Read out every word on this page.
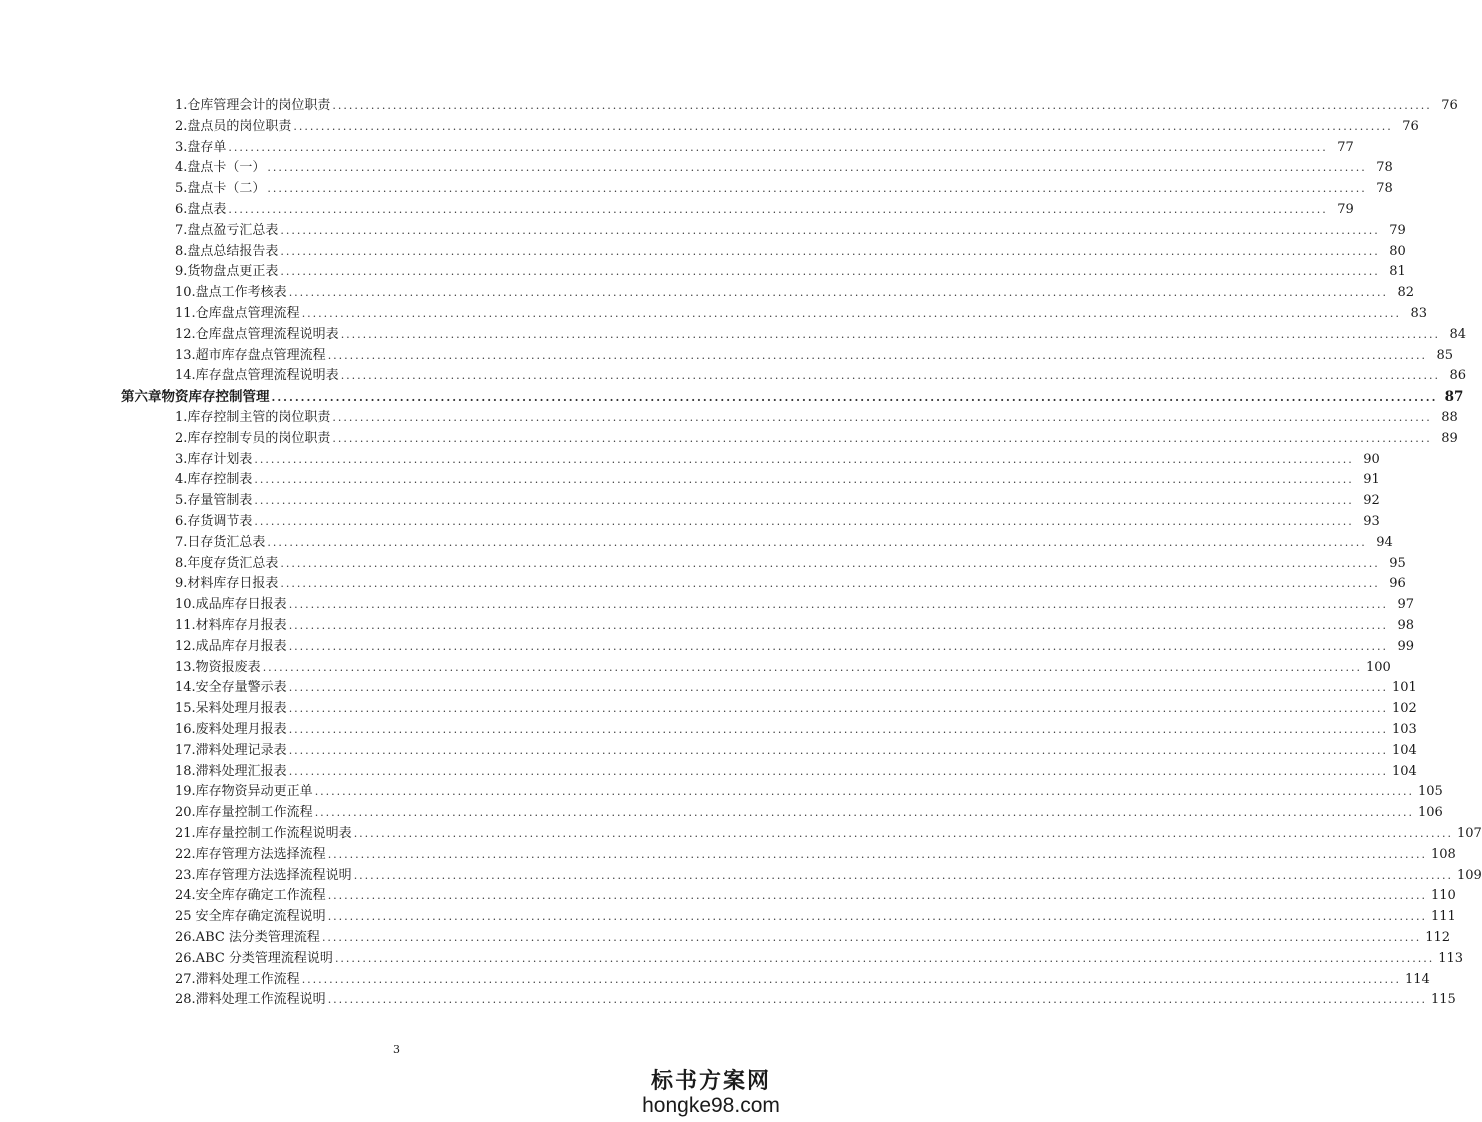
1.仓库管理会计的岗位职责 ........................................................................................................................................................................................................ 76
2.盘点员的岗位职责 ........................................................................................................................................................................................................ 76
3.盘存单 ........................................................................................................................................................................................................ 77
4.盘点卡（一） ........................................................................................................................................................................................................ 78
5.盘点卡（二） ........................................................................................................................................................................................................ 78
6.盘点表 ........................................................................................................................................................................................................ 79
7.盘点盈亏汇总表 ........................................................................................................................................................................................................ 79
8.盘点总结报告表 ........................................................................................................................................................................................................ 80
9.货物盘点更正表 ........................................................................................................................................................................................................ 81
10.盘点工作考核表 ........................................................................................................................................................................................................ 82
11.仓库盘点管理流程 ........................................................................................................................................................................................................ 83
12.仓库盘点管理流程说明表 ........................................................................................................................................................................................................ 84
13.超市库存盘点管理流程 ........................................................................................................................................................................................................ 85
14.库存盘点管理流程说明表 ........................................................................................................................................................................................................ 86
第六章 物资库存控制管理 ........................................................................................................................................................................................................ 87
1.库存控制主管的岗位职责 ........................................................................................................................................................................................................ 88
2.库存控制专员的岗位职责 ........................................................................................................................................................................................................ 89
3.库存计划表 ........................................................................................................................................................................................................ 90
4.库存控制表 ........................................................................................................................................................................................................ 91
5.存量管制表 ........................................................................................................................................................................................................ 92
6.存货调节表 ........................................................................................................................................................................................................ 93
7.日存货汇总表 ........................................................................................................................................................................................................ 94
8.年度存货汇总表 ........................................................................................................................................................................................................ 95
9.材料库存日报表 ........................................................................................................................................................................................................ 96
10.成品库存日报表 ........................................................................................................................................................................................................ 97
11.材料库存月报表 ........................................................................................................................................................................................................ 98
12.成品库存月报表 ........................................................................................................................................................................................................ 99
13.物资报废表 ........................................................................................................................................................................................................ 100
14.安全存量警示表 ........................................................................................................................................................................................................ 101
15.呆料处理月报表 ........................................................................................................................................................................................................ 102
16.废料处理月报表 ........................................................................................................................................................................................................ 103
17.滞料处理记录表 ........................................................................................................................................................................................................ 104
18.滞料处理汇报表 ........................................................................................................................................................................................................ 104
19.库存物资异动更正单 ........................................................................................................................................................................................................ 105
20.库存量控制工作流程 ........................................................................................................................................................................................................ 106
21.库存量控制工作流程说明表 ........................................................................................................................................................................................................ 107
22.库存管理方法选择流程 ........................................................................................................................................................................................................ 108
23.库存管理方法选择流程说明 ........................................................................................................................................................................................................ 109
24.安全库存确定工作流程 ........................................................................................................................................................................................................ 110
25 安全库存确定流程说明 ........................................................................................................................................................................................................ 111
26.ABC 法分类管理流程 ........................................................................................................................................................................................................ 112
26.ABC 分类管理流程说明 ........................................................................................................................................................................................................ 113
27.滞料处理工作流程 ........................................................................................................................................................................................................ 114
28.滞料处理工作流程说明 ........................................................................................................................................................................................................ 115
3
标书方案网
hongke98.com
